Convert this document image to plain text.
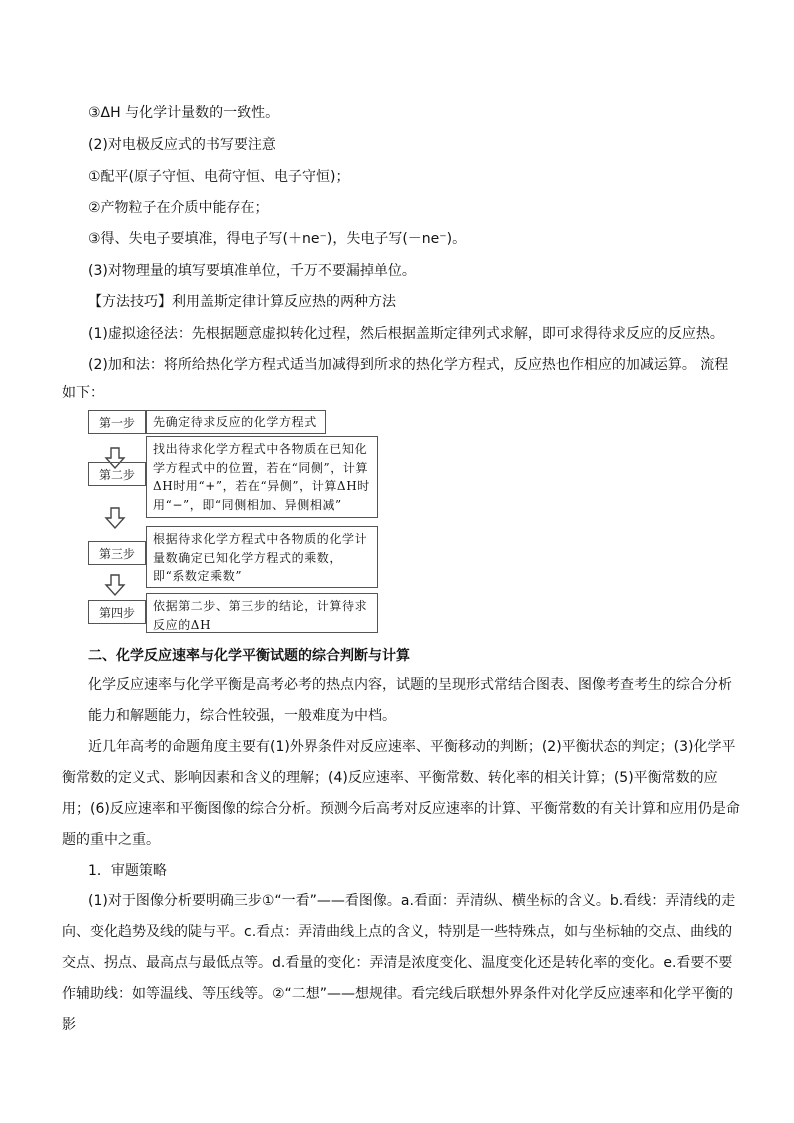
③ΔH 与化学计量数的一致性。
(2)对电极反应式的书写要注意
①配平(原子守恒、电荷守恒、电子守恒)；
②产物粒子在介质中能存在；
③得、失电子要填准，得电子写(＋ne⁻)，失电子写(－ne⁻)。
(3)对物理量的填写要填准单位，千万不要漏掉单位。
【方法技巧】利用盖斯定律计算反应热的两种方法
(1)虚拟途径法：先根据题意虚拟转化过程，然后根据盖斯定律列式求解，即可求得待求反应的反应热。
(2)加和法：将所给热化学方程式适当加减得到所求的热化学方程式，反应热也作相应的加减运算。 流程
如下：
第一步	先确定待求反应的化学方程式
第二步
找出待求化学方程式中各物质在已知化学方程式中的位置，若在“同侧”，计算ΔH时用“+”，若在“异侧”，计算ΔH时用“−”，即“同侧相加、异侧相减”
第三步
根据待求化学方程式中各物质的化学计量数确定已知化学方程式的乘数，即“系数定乘数”
第四步	依据第二步、第三步的结论，计算待求反应的ΔH
二、化学反应速率与化学平衡试题的综合判断与计算
化学反应速率与化学平衡是高考必考的热点内容，试题的呈现形式常结合图表、图像考查考生的综合分析能力和解题能力，综合性较强，一般难度为中档。
近几年高考的命题角度主要有(1)外界条件对反应速率、平衡移动的判断；(2)平衡状态的判定；(3)化学平衡常数的定义式、影响因素和含义的理解；(4)反应速率、平衡常数、转化率的相关计算；(5)平衡常数的应用；(6)反应速率和平衡图像的综合分析。预测今后高考对反应速率的计算、平衡常数的有关计算和应用仍是命题的重中之重。
1．审题策略
(1)对于图像分析要明确三步①“一看”——看图像。a.看面：弄清纵、横坐标的含义。b.看线：弄清线的走向、变化趋势及线的陡与平。c.看点：弄清曲线上点的含义，特别是一些特殊点，如与坐标轴的交点、曲线的交点、拐点、最高点与最低点等。d.看量的变化：弄清是浓度变化、温度变化还是转化率的变化。e.看要不要作辅助线：如等温线、等压线等。②“二想”——想规律。看完线后联想外界条件对化学反应速率和化学平衡的影
